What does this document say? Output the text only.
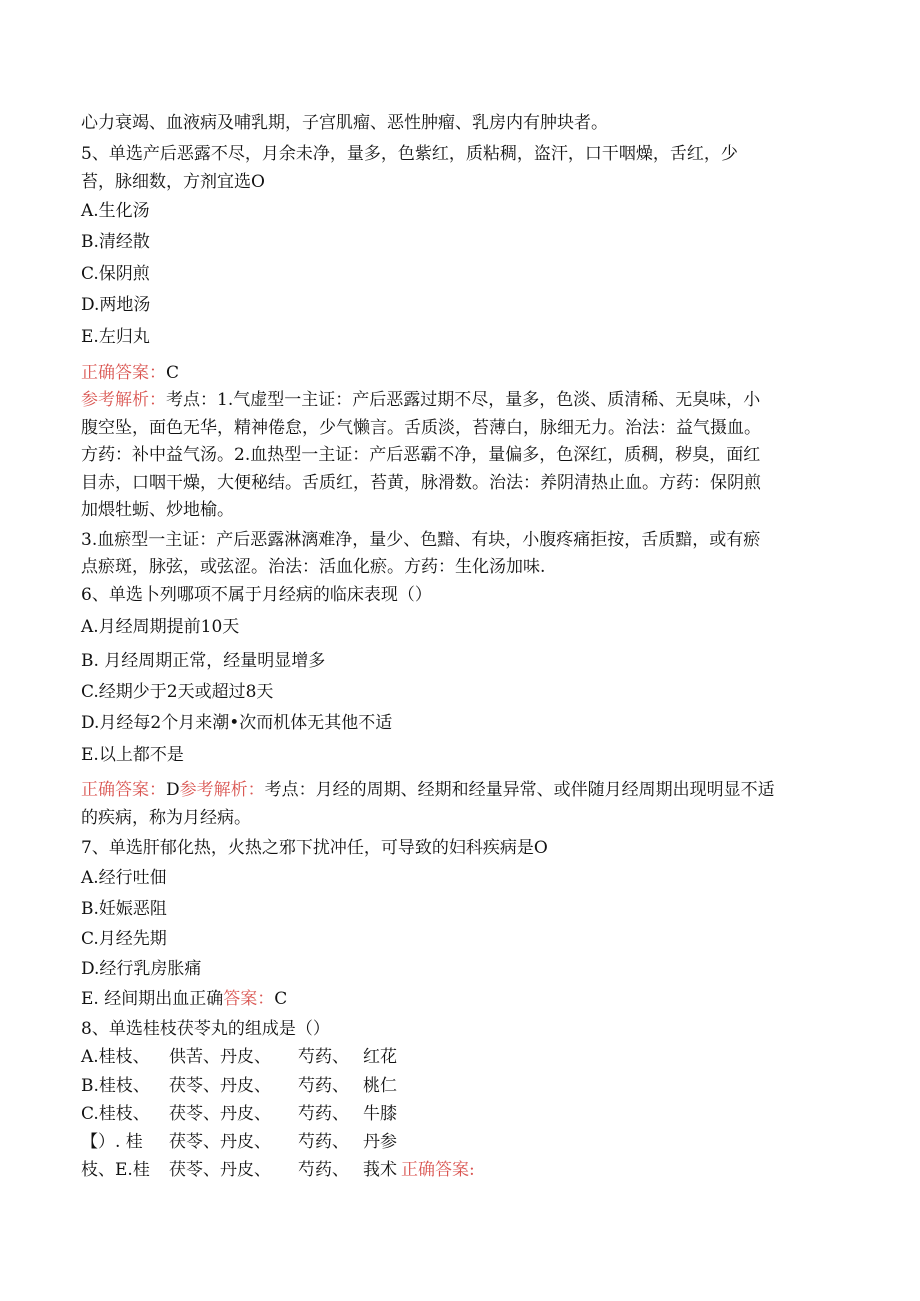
心力衰竭、血液病及哺乳期，子宫肌瘤、恶性肿瘤、乳房内有肿块者。
5、单选产后恶露不尽，月余未净，量多，色紫红，质粘稠，盗汗，口干咽燥，舌红，少
苔，脉细数，方剂宜选O
A.生化汤
B.清经散
C.保阴煎
D.两地汤
E.左归丸
正确答案：C
参考解析：考点：1.气虚型一主证：产后恶露过期不尽，量多，色淡、质清稀、无臭味，小
腹空坠，面色无华，精神倦怠，少气懒言。舌质淡，苔薄白，脉细无力。治法：益气摄血。
方药：补中益气汤。2.血热型一主证：产后恶霸不净，量偏多，色深红，质稠，秽臭，面红
目赤，口咽干燥，大便秘结。舌质红，苔黄，脉滑数。治法：养阴清热止血。方药：保阴煎
加煨牡蛎、炒地榆。
3.血瘀型一主证：产后恶露淋漓难净，量少、色黯、有块，小腹疼痛拒按，舌质黯，或有瘀
点瘀斑，脉弦，或弦涩。治法：活血化瘀。方药：生化汤加味.
6、单选卜列哪项不属于月经病的临床表现（）
A.月经周期提前10天
B. 月经周期正常，经量明显增多
C.经期少于2天或超过8天
D.月经每2个月来潮•次而机体无其他不适
E.以上都不是
正确答案：D参考解析：考点：月经的周期、经期和经量异常、或伴随月经周期出现明显不适
的疾病，称为月经病。
7、单选肝郁化热，火热之邪下扰冲任，可导致的妇科疾病是O
A.经行吐佃
B.妊娠恶阻
C.月经先期
D.经行乳房胀痛
E. 经间期出血正确答案：C
8、单选桂枝茯苓丸的组成是（）
A.桂枝、 供苦、丹皮、 芍药、 红花
B.桂枝、 茯苓、丹皮、 芍药、 桃仁
C.桂枝、 茯苓、丹皮、 芍药、 牛膝
【）. 桂 茯苓、丹皮、 芍药、 丹参
枝、E.桂 茯苓、丹皮、 芍药、 莪术 正确答案:
